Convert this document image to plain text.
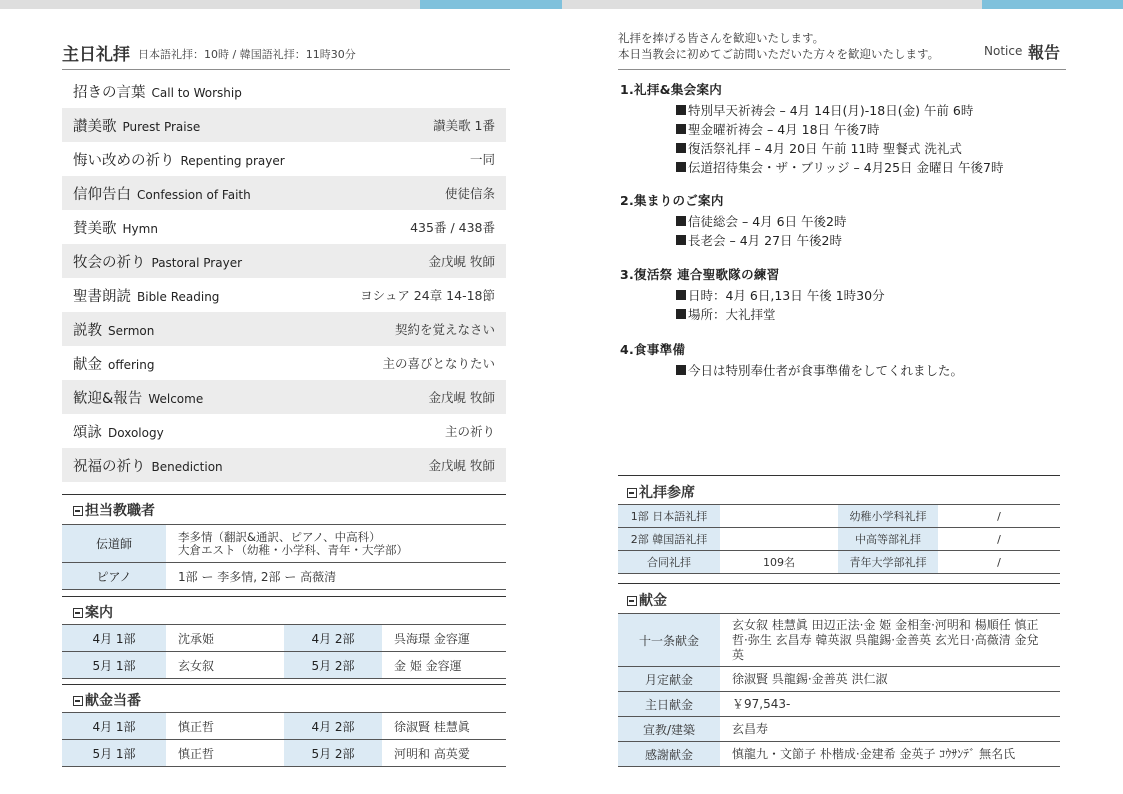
主日礼拝 日本語礼拝：10時 / 韓国語礼拝：11時30分
招きの言葉 Call to Worship
讃美歌 Purest Praise	讃美歌 1番
悔い改めの祈り Repenting prayer	一同
信仰告白 Confession of Faith	使徒信条
賛美歌 Hymn	435番 / 438番
牧会の祈り Pastoral Prayer	金戊峴 牧師
聖書朗読 Bible Reading	ヨシュア 24章 14-18節
説教 Sermon	契約を覚えなさい
献金 offering	主の喜びとなりたい
歓迎&報告 Welcome	金戊峴 牧師
頌詠 Doxology	主の祈り
祝福の祈り Benediction	金戊峴 牧師
担当教職者
伝道師	李多情（翻訳&通訳、ピアノ、中高科）
大倉エスト（幼稚・小学科、青年・大学部）

ピアノ	1部 ー 李多情, 2部 ー 高薇清
案内
4月 1部	沈承姫	4月 2部	呉海璟 金容運
5月 1部	玄女叙	5月 2部	金 姫 金容運
献金当番
4月 1部	慎正哲	4月 2部	徐淑賢 桂慧眞
5月 1部	慎正哲	5月 2部	河明和 高英愛
礼拝を捧げる皆さんを歓迎いたします。
本日当教会に初めてご訪問いただいた方々を歓迎いたします。	Notice 報告
1.礼拝&集会案内
特別早天祈祷会 – 4月 14日(月)-18日(金) 午前 6時
聖金曜祈祷会 – 4月 18日 午後7時
復活祭礼拝 – 4月 20日 午前 11時 聖餐式 洗礼式
伝道招待集会・ザ・ブリッジ – 4月25日 金曜日 午後7時
2.集まりのご案内
信徒総会 – 4月 6日 午後2時
長老会 – 4月 27日 午後2時
3.復活祭 連合聖歌隊の練習
日時：4月 6日,13日 午後 1時30分
場所：大礼拝堂
4.食事準備
今日は特別奉仕者が食事準備をしてくれました。
礼拝参席
1部 日本語礼拝		幼稚小学科礼拝	/
2部 韓国語礼拝		中高等部礼拝	/
合同礼拝	109名	青年大学部礼拝	/
献金
十一条献金	玄女叙 桂慧眞 田辺正法·金 姫 金相奎·河明和 楊順任 慎正哲·弥生 玄昌寿 韓英淑 呉龍錫·金善英 玄光日·高薇清 金兌英
月定献金	徐淑賢 呉龍錫·金善英 洪仁淑
主日献金	￥97,543-
宣教/建築	玄昌寿
感謝献金	慎龍九・文節子 朴楷成·金建希 金英子 ｺｳｻﾝﾃﾞ 無名氏
